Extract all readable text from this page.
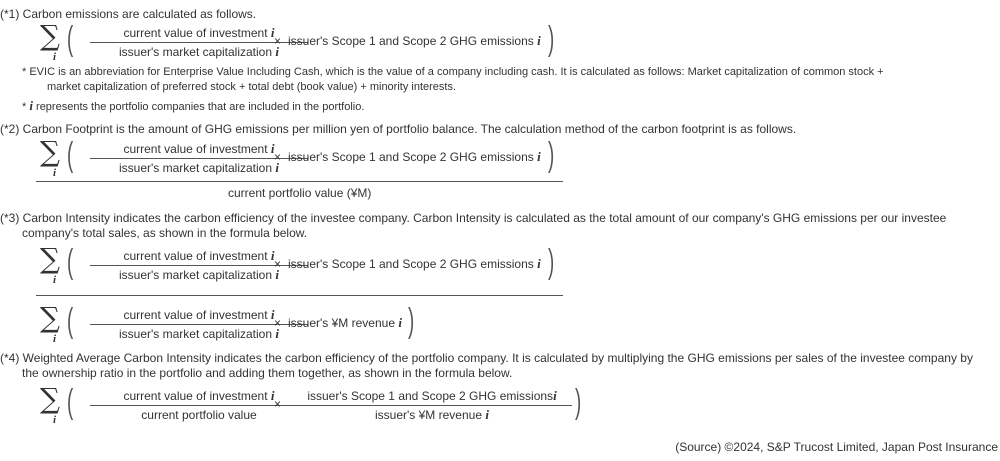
(*1) Carbon emissions are calculated as follows.
∑
i (	current value of investment i
issuer's market capitalization i
× issuer's Scope 1 and Scope 2 GHG emissions i )
* EVIC is an abbreviation for Enterprise Value Including Cash, which is the value of a company including cash. It is calculated as follows: Market capitalization of common stock +
market capitalization of preferred stock + total debt (book value) + minority interests.
* i represents the portfolio companies that are included in the portfolio.
(*2) Carbon Footprint is the amount of GHG emissions per million yen of portfolio balance. The calculation method of the carbon footprint is as follows.
∑
i (	current value of investment i
issuer's market capitalization i
× issuer's Scope 1 and Scope 2 GHG emissions i )
current portfolio value (¥M)
(*3) Carbon Intensity indicates the carbon efficiency of the investee company. Carbon Intensity is calculated as the total amount of our company's GHG emissions per our investee
company's total sales, as shown in the formula below.
∑
i (	current value of investment i
issuer's market capitalization i
× issuer's Scope 1 and Scope 2 GHG emissions i )
∑
i (	current value of investment i
issuer's market capitalization i
× issuer's ¥M revenue i )
(*4) Weighted Average Carbon Intensity indicates the carbon efficiency of the portfolio company. It is calculated by multiplying the GHG emissions per sales of the investee company by
the ownership ratio in the portfolio and adding them together, as shown in the formula below.
∑
i (	current value of investment i
current portfolio value
×
issuer's Scope 1 and Scope 2 GHG emissionsi
issuer's ¥M revenue i	)
(Source) ©2024, S&P Trucost Limited, Japan Post Insurance
